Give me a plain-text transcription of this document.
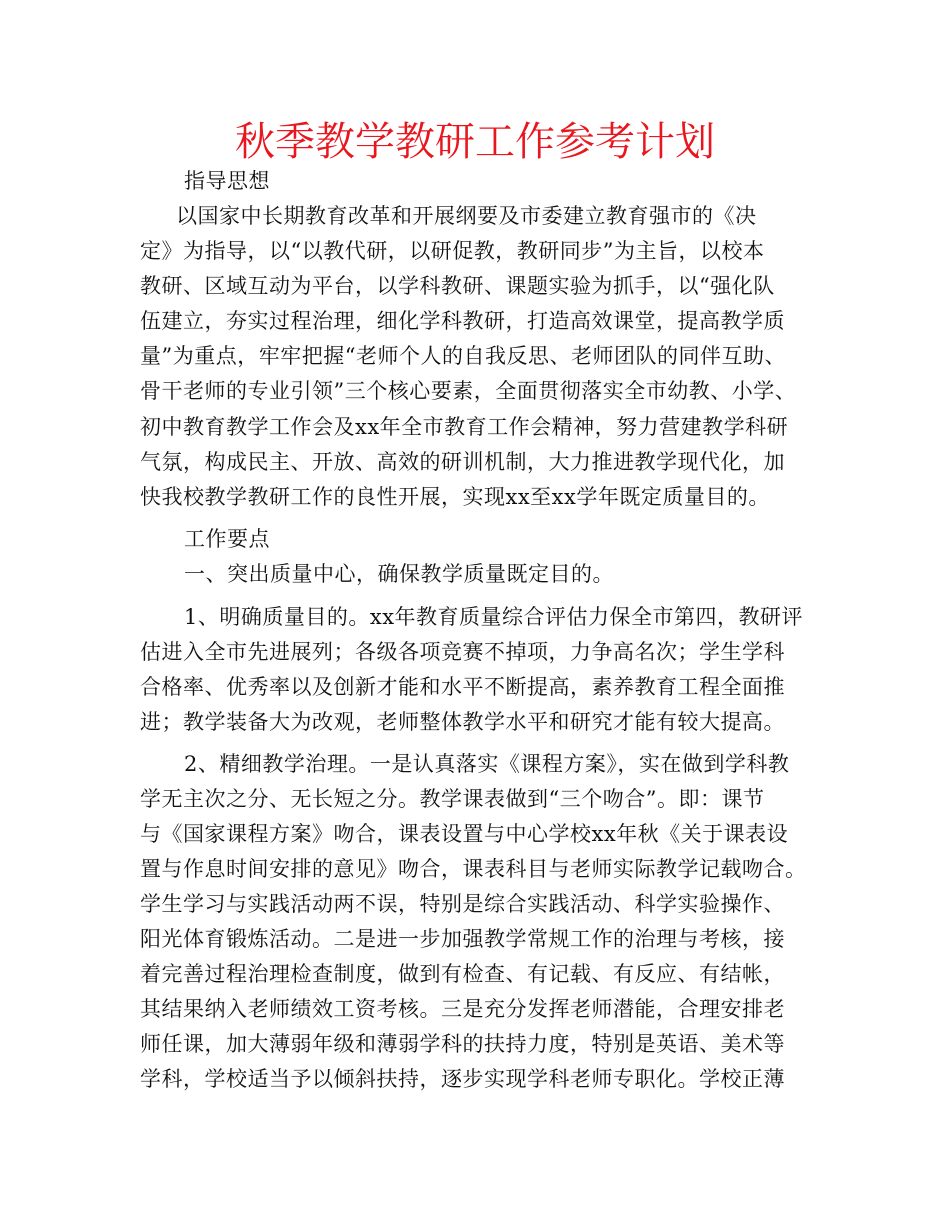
秋季教学教研工作参考计划

指导思想

以国家中长期教育改革和开展纲要及市委建立教育强市的《决

定》为指导，以“以教代研，以研促教，教研同步”为主旨，以校本

教研、区域互动为平台，以学科教研、课题实验为抓手，以“强化队

伍建立，夯实过程治理，细化学科教研，打造高效课堂，提高教学质

量”为重点，牢牢把握“老师个人的自我反思、老师团队的同伴互助、

骨干老师的专业引领”三个核心要素，全面贯彻落实全市幼教、小学、

初中教育教学工作会及xx年全市教育工作会精神，努力营建教学科研

气氛，构成民主、开放、高效的研训机制，大力推进教学现代化，加

快我校教学教研工作的良性开展，实现xx至xx学年既定质量目的。

工作要点

一、突出质量中心，确保教学质量既定目的。

1、明确质量目的。xx年教育质量综合评估力保全市第四，教研评

估进入全市先进展列；各级各项竞赛不掉项，力争高名次；学生学科

合格率、优秀率以及创新才能和水平不断提高，素养教育工程全面推

进；教学装备大为改观，老师整体教学水平和研究才能有较大提高。

2、精细教学治理。一是认真落实《课程方案》，实在做到学科教

学无主次之分、无长短之分。教学课表做到“三个吻合”。即：课节

与《国家课程方案》吻合，课表设置与中心学校xx年秋《关于课表设

置与作息时间安排的意见》吻合，课表科目与老师实际教学记载吻合。

学生学习与实践活动两不误，特别是综合实践活动、科学实验操作、

阳光体育锻炼活动。二是进一步加强教学常规工作的治理与考核，接

着完善过程治理检查制度，做到有检查、有记载、有反应、有结帐，

其结果纳入老师绩效工资考核。三是充分发挥老师潜能，合理安排老

师任课，加大薄弱年级和薄弱学科的扶持力度，特别是英语、美术等

学科，学校适当予以倾斜扶持，逐步实现学科老师专职化。学校正薄
